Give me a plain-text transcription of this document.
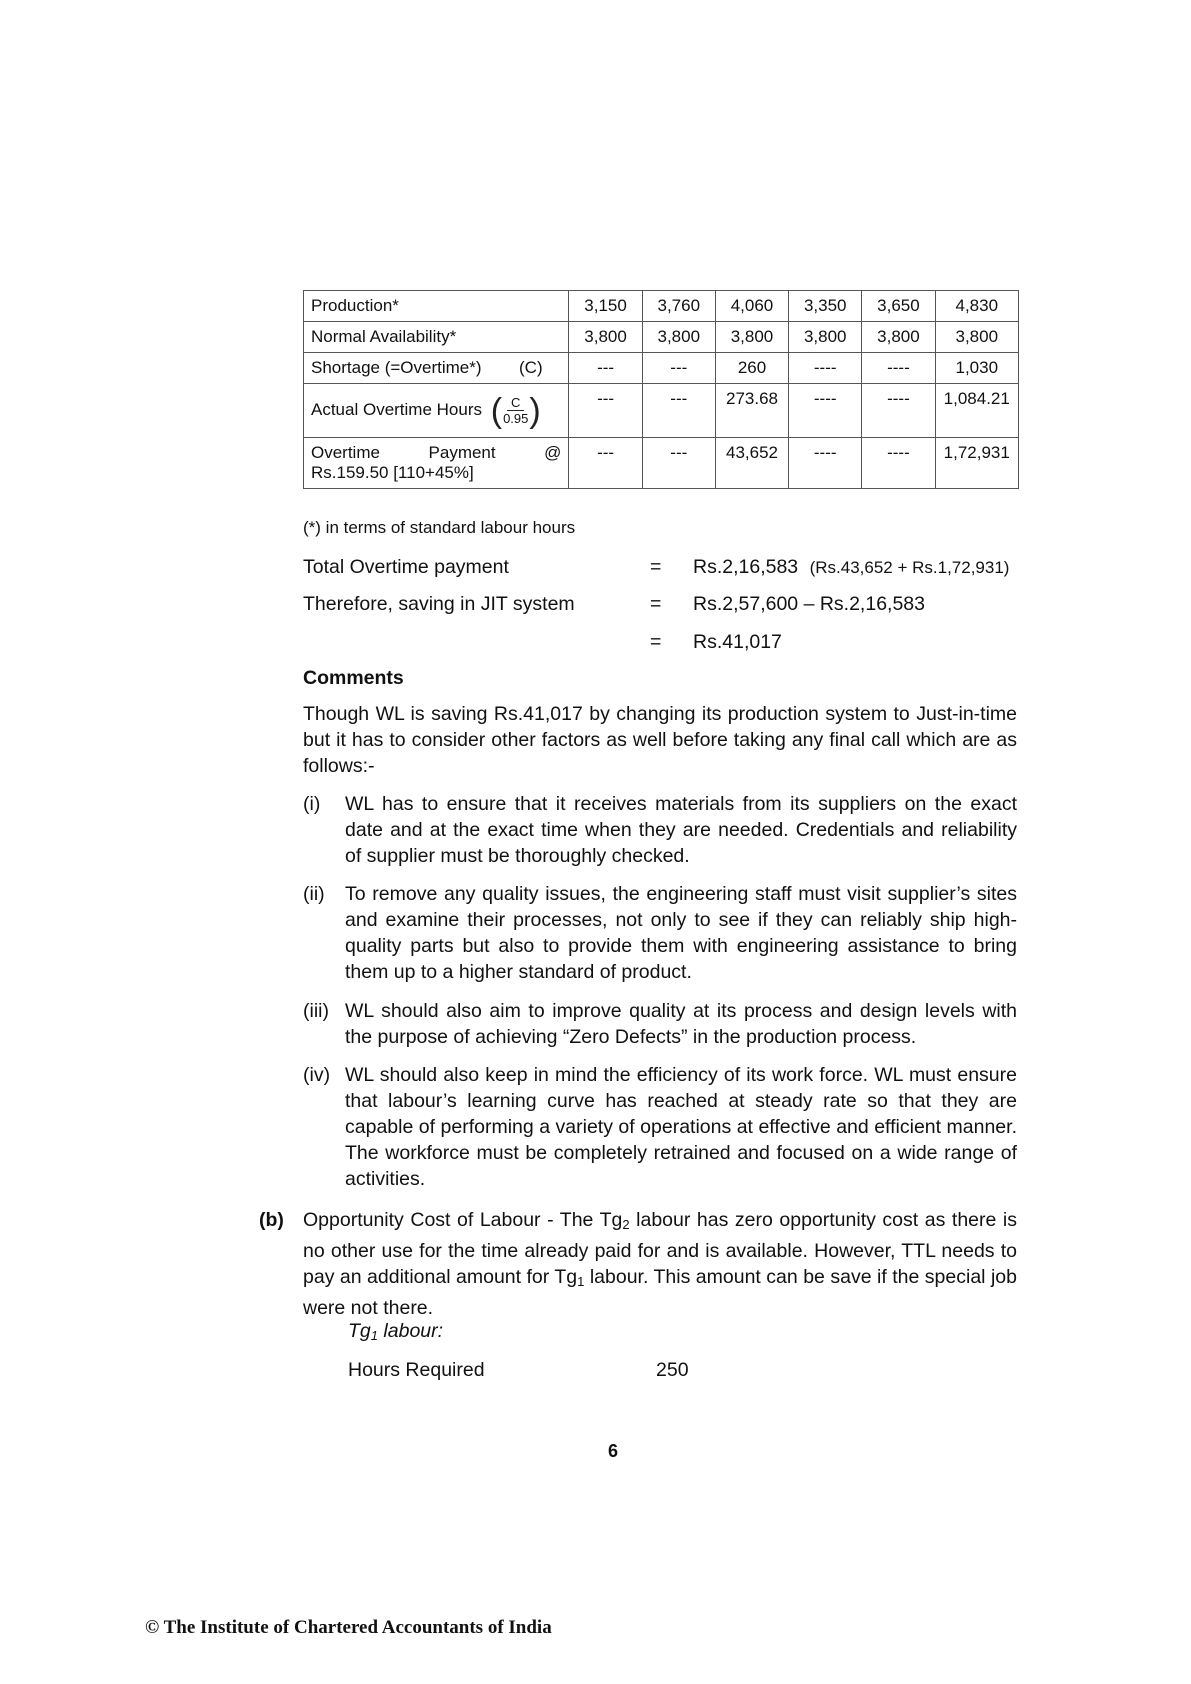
Production*	3,150	3,760	4,060	3,350	3,650	4,830
Normal Availability*	3,800	3,800	3,800	3,800	3,800	3,800
Shortage (=Overtime*) (C)	---	---	260	----	----	1,030
Actual Overtime Hours ( $\frac{C}{0.95}$ )	---	---	273.68	----	----	1,084.21
Overtime  Payment  @  Rs.159.50 [110+45%]	---	---	43,652	----	----	1,72,931
(*) in terms of standard labour hours
Total Overtime payment	= Rs.2,16,583 (Rs.43,652 + Rs.1,72,931)
Therefore, saving in JIT system	= Rs.2,57,600 – Rs.2,16,583
= Rs.41,017
Comments
Though WL is saving Rs.41,017 by changing its production system to Just-in-time but it has to consider other factors as well before taking any final call which are as follows:-
(i) WL has to ensure that it receives materials from its suppliers on the exact date and at the exact time when they are needed. Credentials and reliability of supplier must be thoroughly checked.
(ii) To remove any quality issues, the engineering staff must visit supplier’s sites and examine their processes, not only to see if they can reliably ship high-quality parts but also to provide them with engineering assistance to bring them up to a higher standard of product.
(iii) WL should also aim to improve quality at its process and design levels with the purpose of achieving “Zero Defects” in the production process.
(iv) WL should also keep in mind the efficiency of its work force. WL must ensure that labour’s learning curve has reached at steady rate so that they are capable of performing a variety of operations at effective and efficient manner. The workforce must be completely retrained and focused on a wide range of activities.
(b) Opportunity Cost of Labour - The $Tg_2$ labour has zero opportunity cost as there is no other use for the time already paid for and is available. However, TTL needs to pay an additional amount for $Tg_1$ labour. This amount can be save if the special job were not there.
$Tg_1$ labour:
Hours Required	250
6
© The Institute of Chartered Accountants of India
